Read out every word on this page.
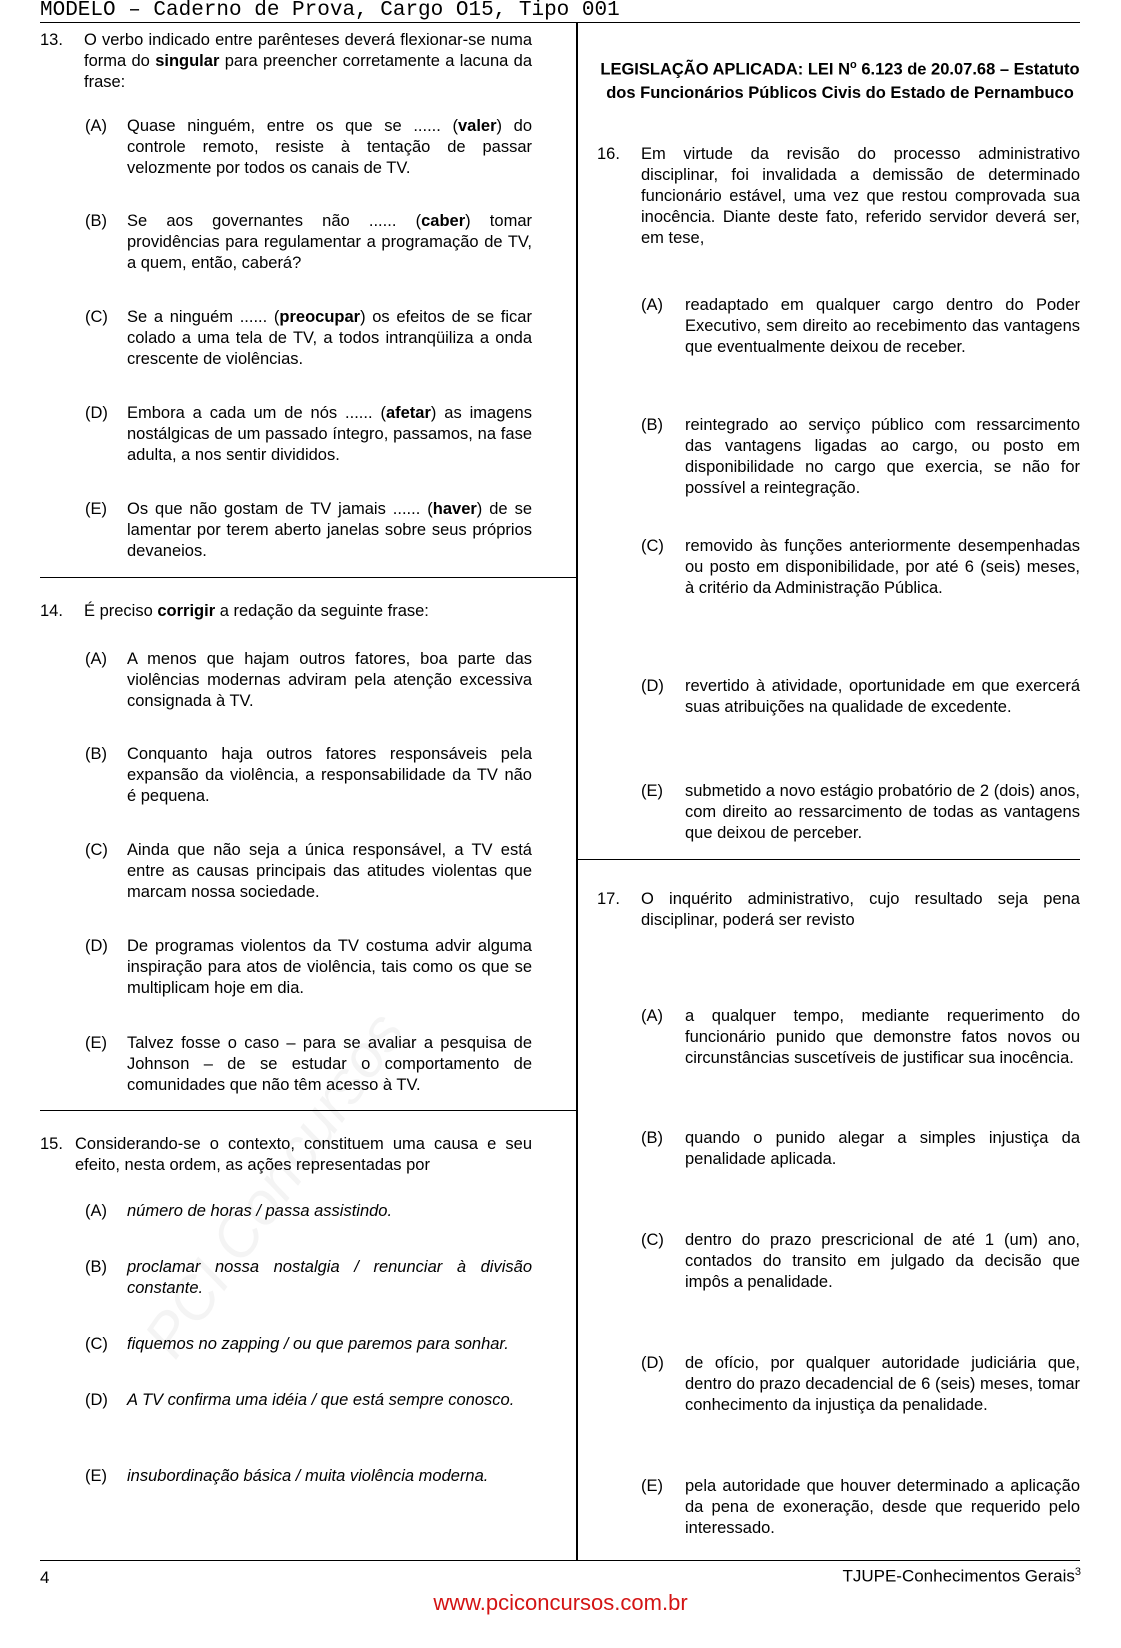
MODELO – Caderno de Prova, Cargo O15, Tipo 001
13. O verbo indicado entre parênteses deverá flexionar-se numa forma do singular para preencher corretamente a lacuna da frase:
(A) Quase ninguém, entre os que se ...... (valer) do controle remoto, resiste à tentação de passar velozmente por todos os canais de TV.
(B) Se aos governantes não ...... (caber) tomar providências para regulamentar a programação de TV, a quem, então, caberá?
(C) Se a ninguém ...... (preocupar) os efeitos de se ficar colado a uma tela de TV, a todos intranqüiliza a onda crescente de violências.
(D) Embora a cada um de nós ...... (afetar) as imagens nostálgicas de um passado íntegro, passamos, na fase adulta, a nos sentir divididos.
(E) Os que não gostam de TV jamais ...... (haver) de se lamentar por terem aberto janelas sobre seus próprios devaneios.
14. É preciso corrigir a redação da seguinte frase:
(A) A menos que hajam outros fatores, boa parte das violências modernas adviram pela atenção excessiva consignada à TV.
(B) Conquanto haja outros fatores responsáveis pela expansão da violência, a responsabilidade da TV não é pequena.
(C) Ainda que não seja a única responsável, a TV está entre as causas principais das atitudes violentas que marcam nossa sociedade.
(D) De programas violentos da TV costuma advir alguma inspiração para atos de violência, tais como os que se multiplicam hoje em dia.
(E) Talvez fosse o caso – para se avaliar a pesquisa de Johnson – de se estudar o comportamento de comunidades que não têm acesso à TV.
15. Considerando-se o contexto, constituem uma causa e seu efeito, nesta ordem, as ações representadas por
(A) número de horas / passa assistindo.
(B) proclamar nossa nostalgia / renunciar à divisão constante.
(C) fiquemos no zapping / ou que paremos para sonhar.
(D) A TV confirma uma idéia / que está sempre conosco.
(E) insubordinação básica / muita violência moderna.
LEGISLAÇÃO APLICADA: LEI $N^o$ 6.123 de 20.07.68 – Estatuto dos Funcionários Públicos Civis do Estado de Pernambuco
16. Em virtude da revisão do processo administrativo disciplinar, foi invalidada a demissão de determinado funcionário estável, uma vez que restou comprovada sua inocência. Diante deste fato, referido servidor deverá ser, em tese,
(A) readaptado em qualquer cargo dentro do Poder Executivo, sem direito ao recebimento das vantagens que eventualmente deixou de receber.
(B) reintegrado ao serviço público com ressarcimento das vantagens ligadas ao cargo, ou posto em disponibilidade no cargo que exercia, se não for possível a reintegração.
(C) removido às funções anteriormente desempenhadas ou posto em disponibilidade, por até 6 (seis) meses, à critério da Administração Pública.
(D) revertido à atividade, oportunidade em que exercerá suas atribuições na qualidade de excedente.
(E) submetido a novo estágio probatório de 2 (dois) anos, com direito ao ressarcimento de todas as vantagens que deixou de perceber.
17. O inquérito administrativo, cujo resultado seja pena disciplinar, poderá ser revisto
(A) a qualquer tempo, mediante requerimento do funcionário punido que demonstre fatos novos ou circunstâncias suscetíveis de justificar sua inocência.
(B) quando o punido alegar a simples injustiça da penalidade aplicada.
(C) dentro do prazo prescricional de até 1 (um) ano, contados do transito em julgado da decisão que impôs a penalidade.
(D) de ofício, por qualquer autoridade judiciária que, dentro do prazo decadencial de 6 (seis) meses, tomar conhecimento da injustiça da penalidade.
(E) pela autoridade que houver determinado a aplicação da pena de exoneração, desde que requerido pelo interessado.
4	TJUPE-Conhecimentos Gerais$^3$
www.pciconcursos.com.br
